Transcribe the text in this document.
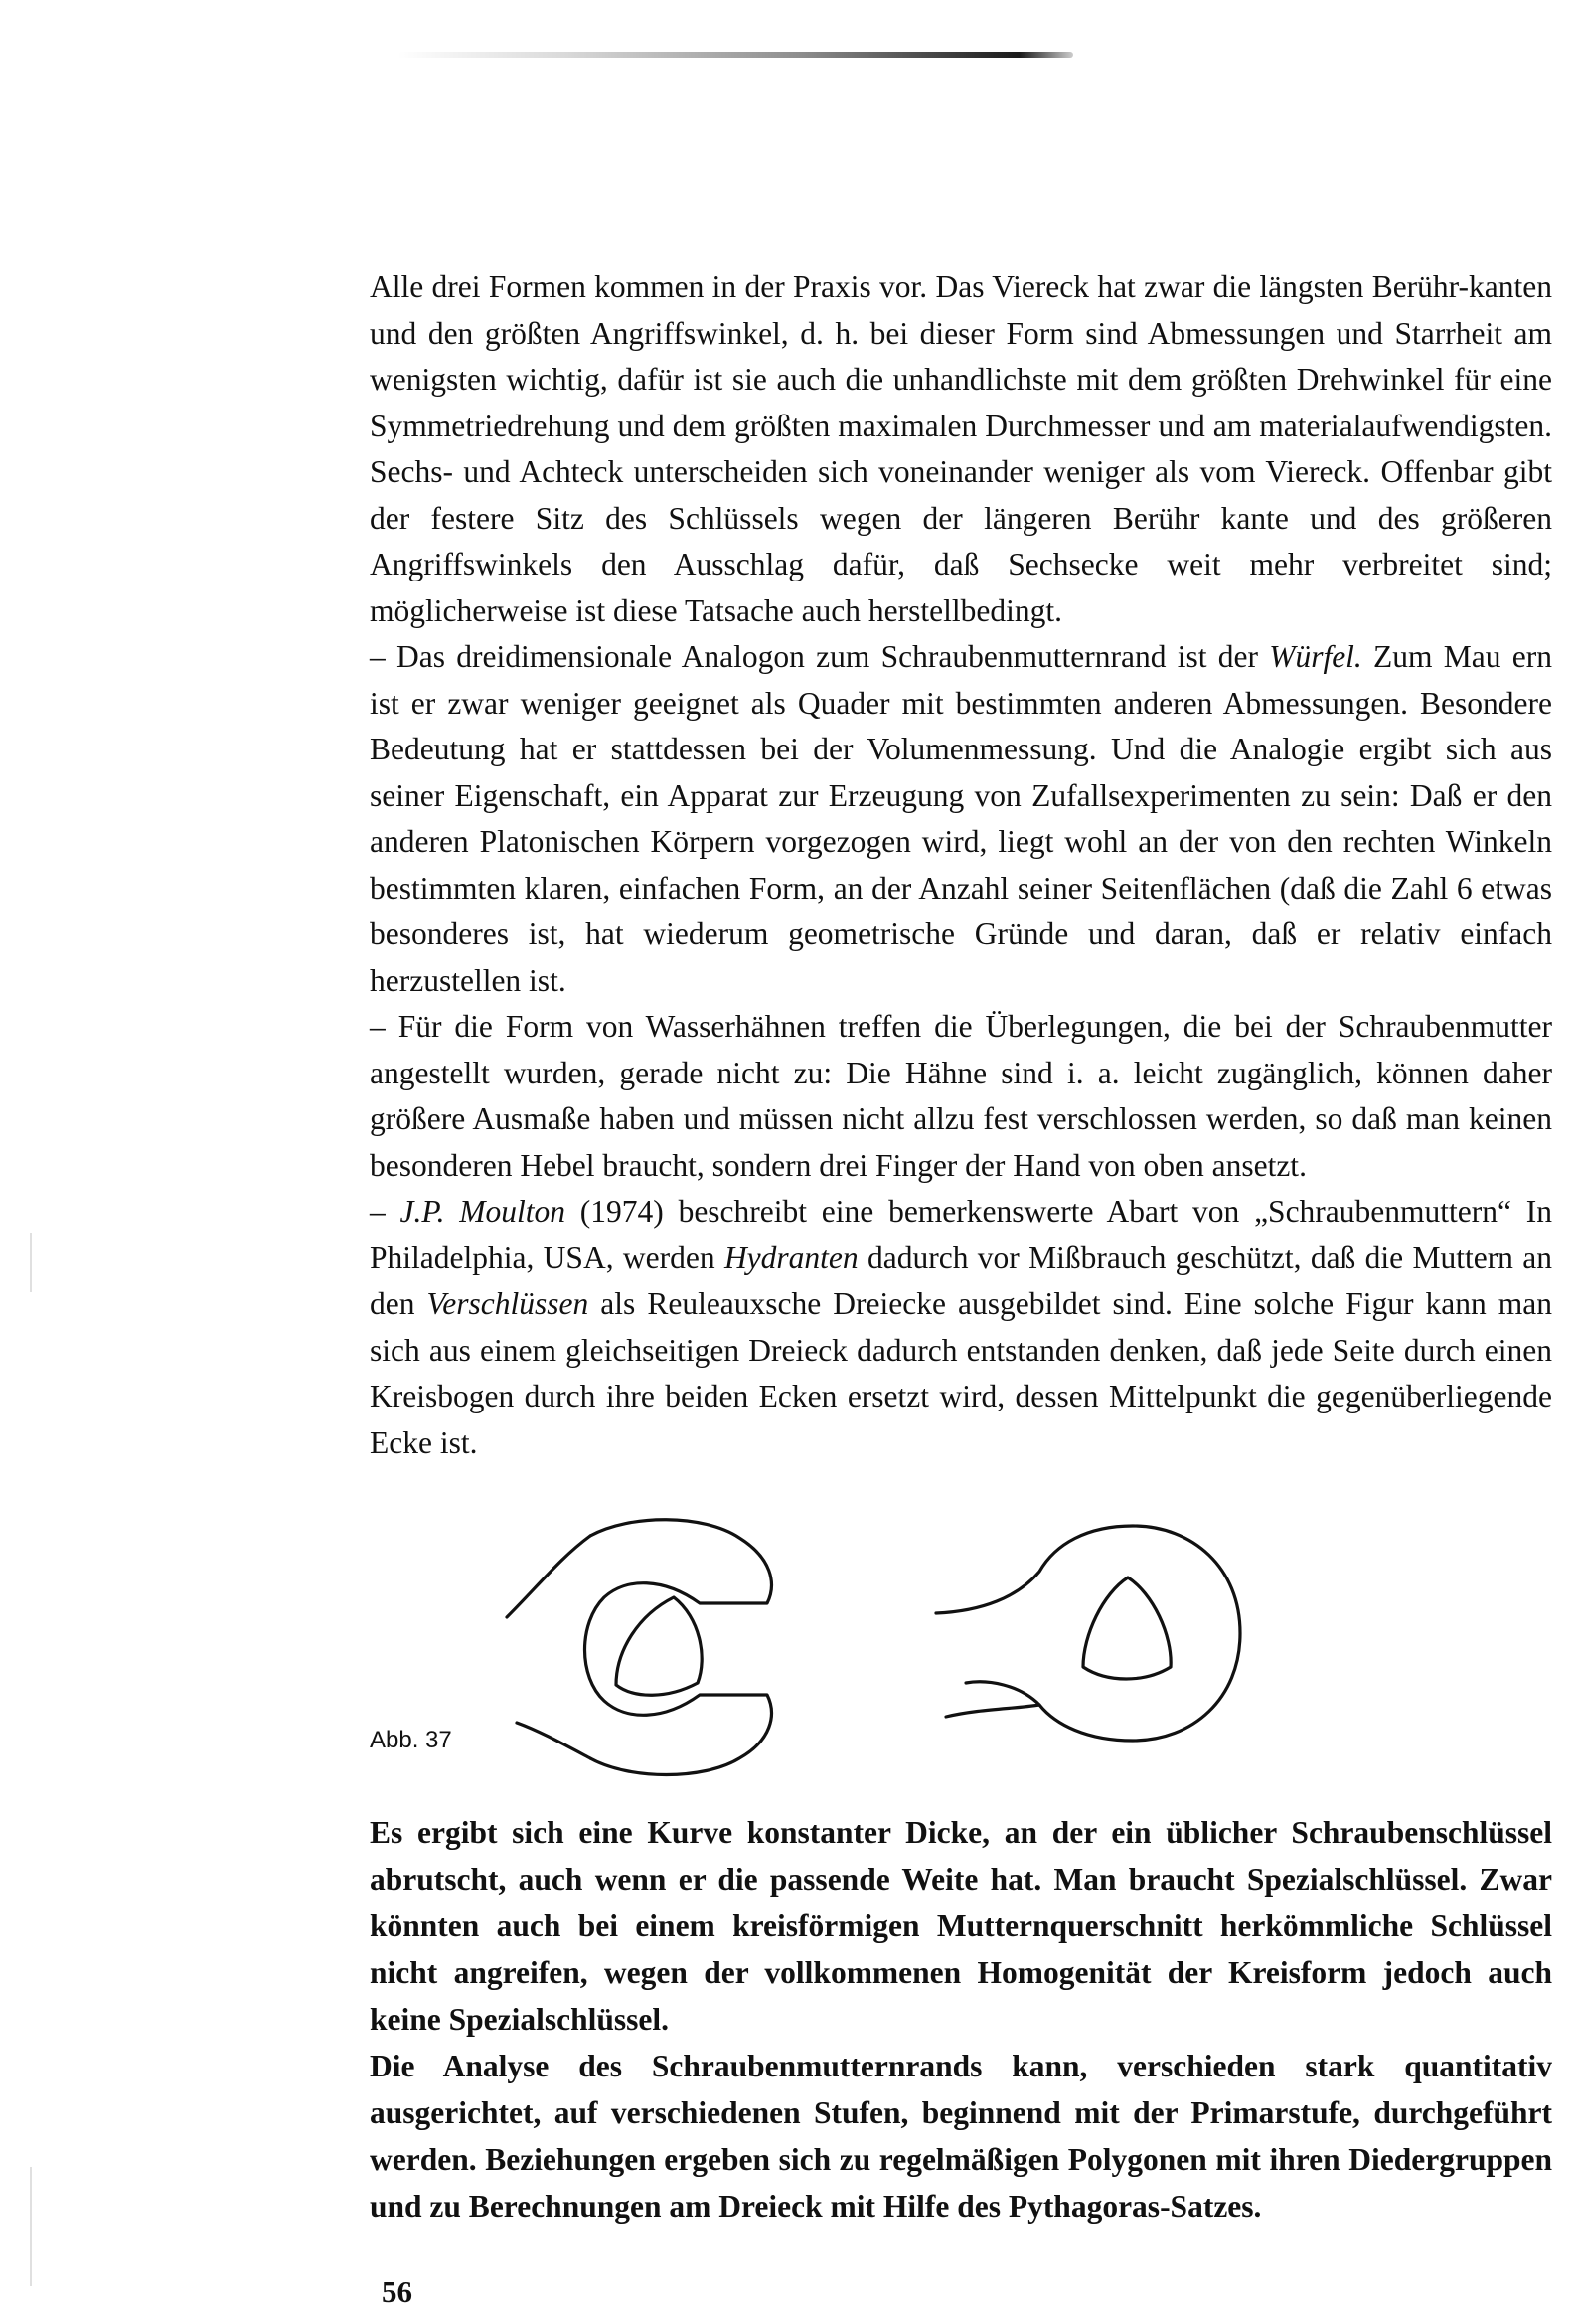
Alle drei Formen kommen in der Praxis vor. Das Viereck hat zwar die längsten Berühr-kanten und den größten Angriffswinkel, d. h. bei dieser Form sind Abmessungen und Starrheit am wenigsten wichtig, dafür ist sie auch die unhandlichste mit dem größten Drehwinkel für eine Symmetriedrehung und dem größten maximalen Durchmesser und am materialaufwendigsten. Sechs- und Achteck unterscheiden sich voneinander weniger als vom Viereck. Offenbar gibt der festere Sitz des Schlüssels wegen der längeren Berühr kante und des größeren Angriffswinkels den Ausschlag dafür, daß Sechsecke weit mehr verbreitet sind; möglicherweise ist diese Tatsache auch herstellbedingt.

– Das dreidimensionale Analogon zum Schraubenmutternrand ist der Würfel. Zum Mau ern ist er zwar weniger geeignet als Quader mit bestimmten anderen Abmessungen. Besondere Bedeutung hat er stattdessen bei der Volumenmessung. Und die Analogie ergibt sich aus seiner Eigenschaft, ein Apparat zur Erzeugung von Zufallsexperimenten zu sein: Daß er den anderen Platonischen Körpern vorgezogen wird, liegt wohl an der von den rechten Winkeln bestimmten klaren, einfachen Form, an der Anzahl seiner Seitenflächen (daß die Zahl 6 etwas besonderes ist, hat wiederum geometrische Gründe und daran, daß er relativ einfach herzustellen ist.

– Für die Form von Wasserhähnen treffen die Überlegungen, die bei der Schraubenmutter angestellt wurden, gerade nicht zu: Die Hähne sind i. a. leicht zugänglich, können daher größere Ausmaße haben und müssen nicht allzu fest verschlossen werden, so daß man keinen besonderen Hebel braucht, sondern drei Finger der Hand von oben ansetzt.

– J.P. Moulton (1974) beschreibt eine bemerkenswerte Abart von „Schraubenmuttern“ In Philadelphia, USA, werden Hydranten dadurch vor Mißbrauch geschützt, daß die Muttern an den Verschlüssen als Reuleauxsche Dreiecke ausgebildet sind. Eine solche Figur kann man sich aus einem gleichseitigen Dreieck dadurch entstanden denken, daß jede Seite durch einen Kreisbogen durch ihre beiden Ecken ersetzt wird, dessen Mittelpunkt die gegenüberliegende Ecke ist.

Abb. 37

Es ergibt sich eine Kurve konstanter Dicke, an der ein üblicher Schraubenschlüssel abrutscht, auch wenn er die passende Weite hat. Man braucht Spezialschlüssel. Zwar könnten auch bei einem kreisförmigen Mutternquerschnitt herkömmliche Schlüssel nicht angreifen, wegen der vollkommenen Homogenität der Kreisform jedoch auch keine Spezialschlüssel.

Die Analyse des Schraubenmutternrands kann, verschieden stark quantitativ ausgerichtet, auf verschiedenen Stufen, beginnend mit der Primarstufe, durchgeführt werden. Beziehungen ergeben sich zu regelmäßigen Polygonen mit ihren Diedergruppen und zu Berechnungen am Dreieck mit Hilfe des Pythagoras-Satzes.

56
